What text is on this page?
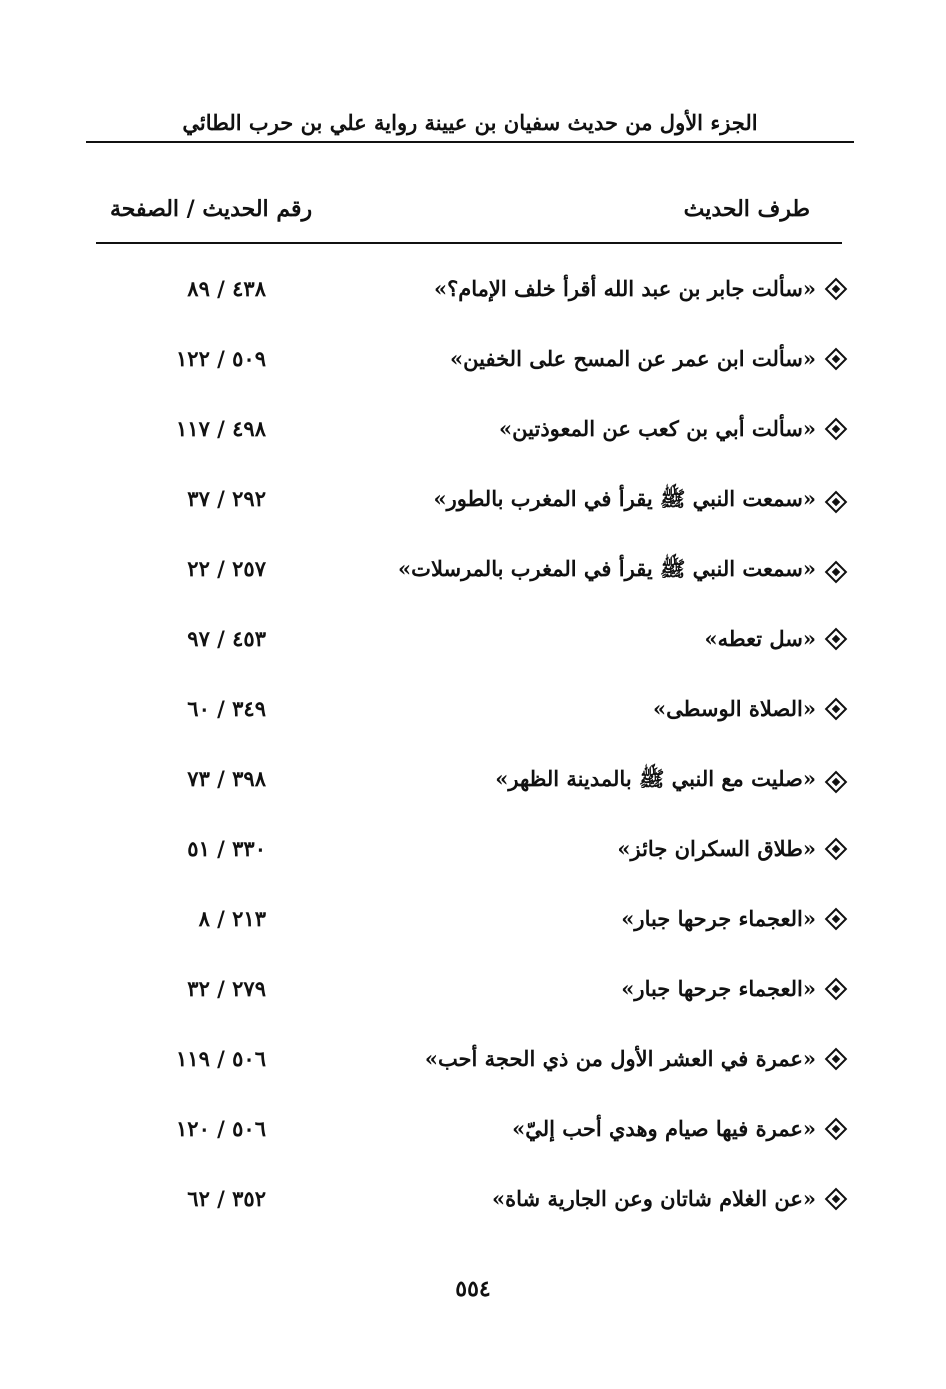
الجزء الأول من حديث سفيان بن عيينة رواية علي بن حرب الطائي
طرف الحديث
رقم الحديث / الصفحة
«سألت جابر بن عبد الله أقرأ خلف الإمام؟»
٤٣٨ / ٨٩
«سألت ابن عمر عن المسح على الخفين»
٥٠٩ / ١٢٢
«سألت أبي بن كعب عن المعوذتين»
٤٩٨ / ١١٧
«سمعت النبي ﷺ يقرأ في المغرب بالطور»
٢٩٢ / ٣٧
«سمعت النبي ﷺ يقرأ في المغرب بالمرسلات»
٢٥٧ / ٢٢
«سل تعطه»
٤٥٣ / ٩٧
«الصلاة الوسطى»
٣٤٩ / ٦٠
«صليت مع النبي ﷺ بالمدينة الظهر»
٣٩٨ / ٧٣
«طلاق السكران جائز»
٣٣٠ / ٥١
«العجماء جرحها جبار»
٢١٣ / ٨
«العجماء جرحها جبار»
٢٧٩ / ٣٢
«عمرة في العشر الأول من ذي الحجة أحب»
٥٠٦ / ١١٩
«عمرة فيها صيام وهدي أحب إليّ»
٥٠٦ / ١٢٠
«عن الغلام شاتان وعن الجارية شاة»
٣٥٢ / ٦٢
٥٥٤
